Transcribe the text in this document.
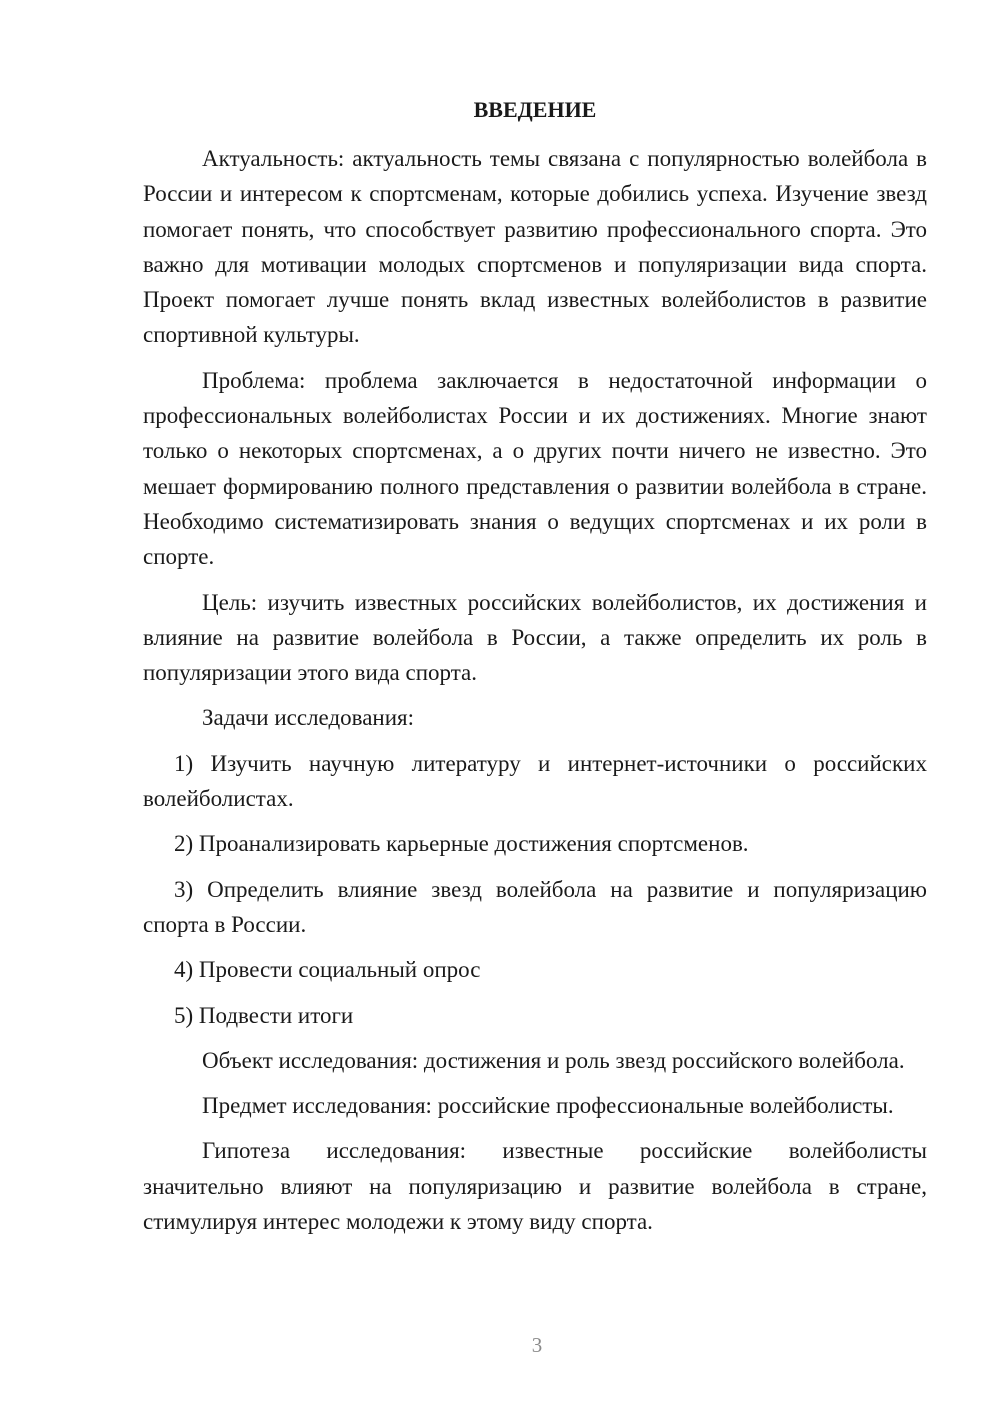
ВВЕДЕНИЕ

Актуальность: актуальность темы связана с популярностью волейбола в России и интересом к спортсменам, которые добились успеха. Изучение звезд помогает понять, что способствует развитию профессионального спорта. Это важно для мотивации молодых спортсменов и популяризации вида спорта. Проект помогает лучше понять вклад известных волейболистов в развитие спортивной культуры.

Проблема: проблема заключается в недостаточной информации о профессиональных волейболистах России и их достижениях. Многие знают только о некоторых спортсменах, а о других почти ничего не известно. Это мешает формированию полного представления о развитии волейбола в стране. Необходимо систематизировать знания о ведущих спортсменах и их роли в спорте.

Цель: изучить известных российских волейболистов, их достижения и влияние на развитие волейбола в России, а также определить их роль в популяризации этого вида спорта.

Задачи исследования:

1) Изучить научную литературу и интернет-источники о российских волейболистах.

2) Проанализировать карьерные достижения спортсменов.

3) Определить влияние звезд волейбола на развитие и популяризацию спорта в России.

4) Провести социальный опрос

5) Подвести итоги

Объект исследования: достижения и роль звезд российского волейбола.

Предмет исследования: российские профессиональные волейболисты.

Гипотеза исследования: известные российские волейболисты значительно влияют на популяризацию и развитие волейбола в стране, стимулируя интерес молодежи к этому виду спорта.

3
